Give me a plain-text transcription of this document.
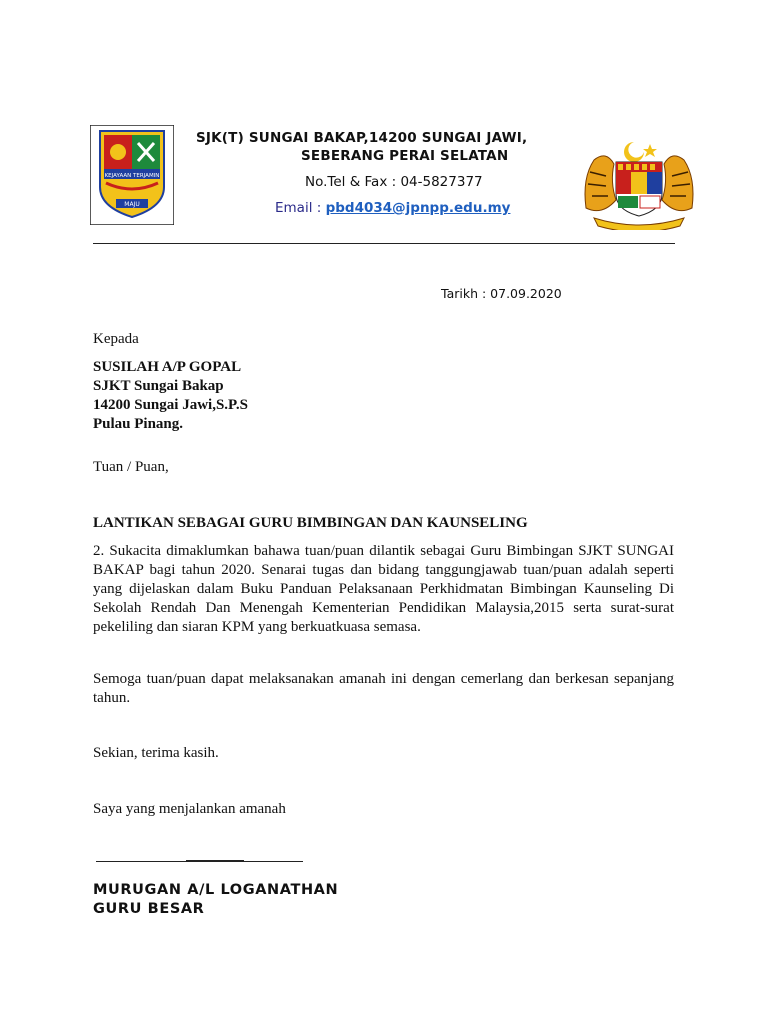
KEJAYAAN TERJAMIN
MAJU
SJK(T) SUNGAI BAKAP,14200 SUNGAI JAWI,
SEBERANG PERAI SELATAN
No.Tel & Fax : 04-5827377
Email : pbd4034@jpnpp.edu.my
Tarikh : 07.09.2020
Kepada
SUSILAH A/P GOPAL
SJKT Sungai Bakap
14200 Sungai Jawi,S.P.S
Pulau Pinang.
Tuan / Puan,
LANTIKAN SEBAGAI GURU BIMBINGAN DAN KAUNSELING
2. Sukacita dimaklumkan bahawa tuan/puan dilantik sebagai Guru Bimbingan SJKT SUNGAI BAKAP bagi tahun 2020. Senarai tugas dan bidang tanggungjawab tuan/puan adalah seperti yang dijelaskan dalam Buku Panduan Pelaksanaan Perkhidmatan Bimbingan Kaunseling Di Sekolah Rendah Dan Menengah Kementerian Pendidikan Malaysia,2015 serta surat-surat pekeliling dan siaran KPM yang berkuatkuasa semasa.
Semoga tuan/puan dapat melaksanakan amanah ini dengan cemerlang dan berkesan sepanjang tahun.
Sekian, terima kasih.
Saya yang menjalankan amanah
MURUGAN A/L LOGANATHAN
GURU BESAR
